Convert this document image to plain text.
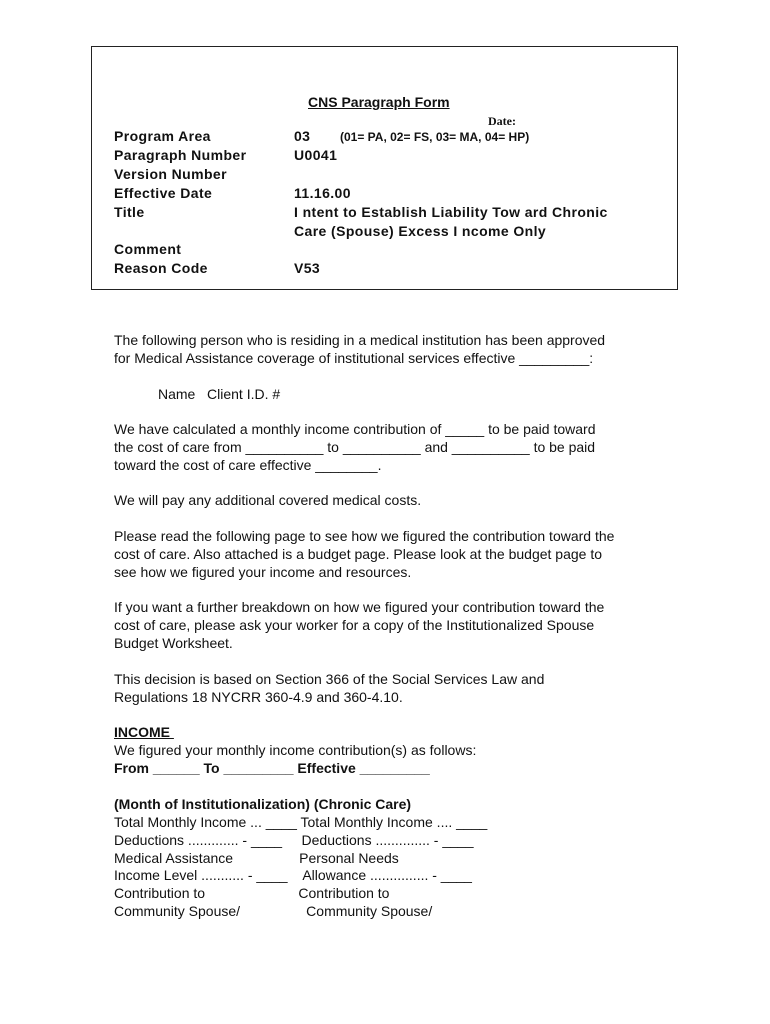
CNS Paragraph Form
Date:
Program Area	03 (01= PA, 02= FS, 03= MA, 04= HP)
Paragraph Number	U0041
Version Number
Effective Date	11.16.00
Title	I ntent to Establish Liability Tow ard Chronic
Care (Spouse) Excess I ncome Only
Comment
Reason Code	V53

The following person who is residing in a medical institution has been approved

for Medical Assistance coverage of institutional services effective _________:

Name   Client I.D. #

We have calculated a monthly income contribution of _____ to be paid toward

the cost of care from __________ to __________ and __________ to be paid

toward the cost of care effective ________.

We will pay any additional covered medical costs.

Please read the following page to see how we figured the contribution toward the

cost of care. Also attached is a budget page. Please look at the budget page to

see how we figured your income and resources.

If you want a further breakdown on how we figured your contribution toward the

cost of care, please ask your worker for a copy of the Institutionalized Spouse

Budget Worksheet.

This decision is based on Section 366 of the Social Services Law and

Regulations 18 NYCRR 360-4.9 and 360-4.10.

INCOME

We figured your monthly income contribution(s) as follows:

From ______ To _________ Effective _________

(Month of Institutionalization) (Chronic Care)

Total Monthly Income ... ____ Total Monthly Income .... ____

Deductions ............. - ____     Deductions .............. - ____

Medical Assistance                 Personal Needs

Income Level ........... - ____    Allowance ............... - ____

Contribution to                        Contribution to

Community Spouse/                 Community Spouse/
